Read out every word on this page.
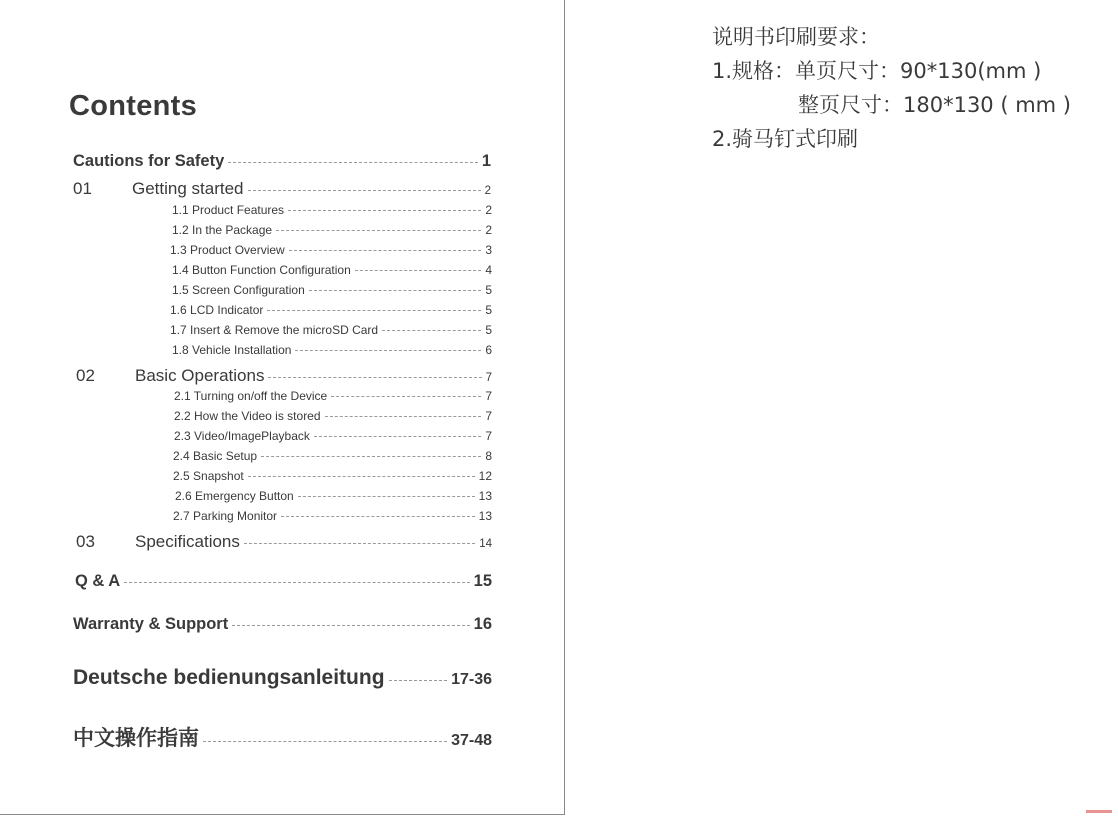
Contents
Cautions for Safety	1
01 Getting started	2
1.1 Product Features	2
1.2 In the Package	2
1.3 Product Overview	3
1.4 Button Function Configuration	4
1.5 Screen Configuration	5
1.6 LCD Indicator	5
1.7 Insert & Remove the microSD Card	5
1.8 Vehicle Installation	6
02 Basic Operations	7
2.1 Turning on/off the Device	7
2.2 How the Video is stored	7
2.3 Video/ImagePlayback	7
2.4 Basic Setup	8
2.5 Snapshot	12
2.6 Emergency Button	13
2.7 Parking Monitor	13
03 Specifications	14
Q & A	15
Warranty & Support	16
Deutsche bedienungsanleitung	17-36
中文操作指南	37-48
说明书印刷要求：
1.规格：单页尺寸：90*130(mm )
整页尺寸：180*130 ( mm )
2.骑马钉式印刷
